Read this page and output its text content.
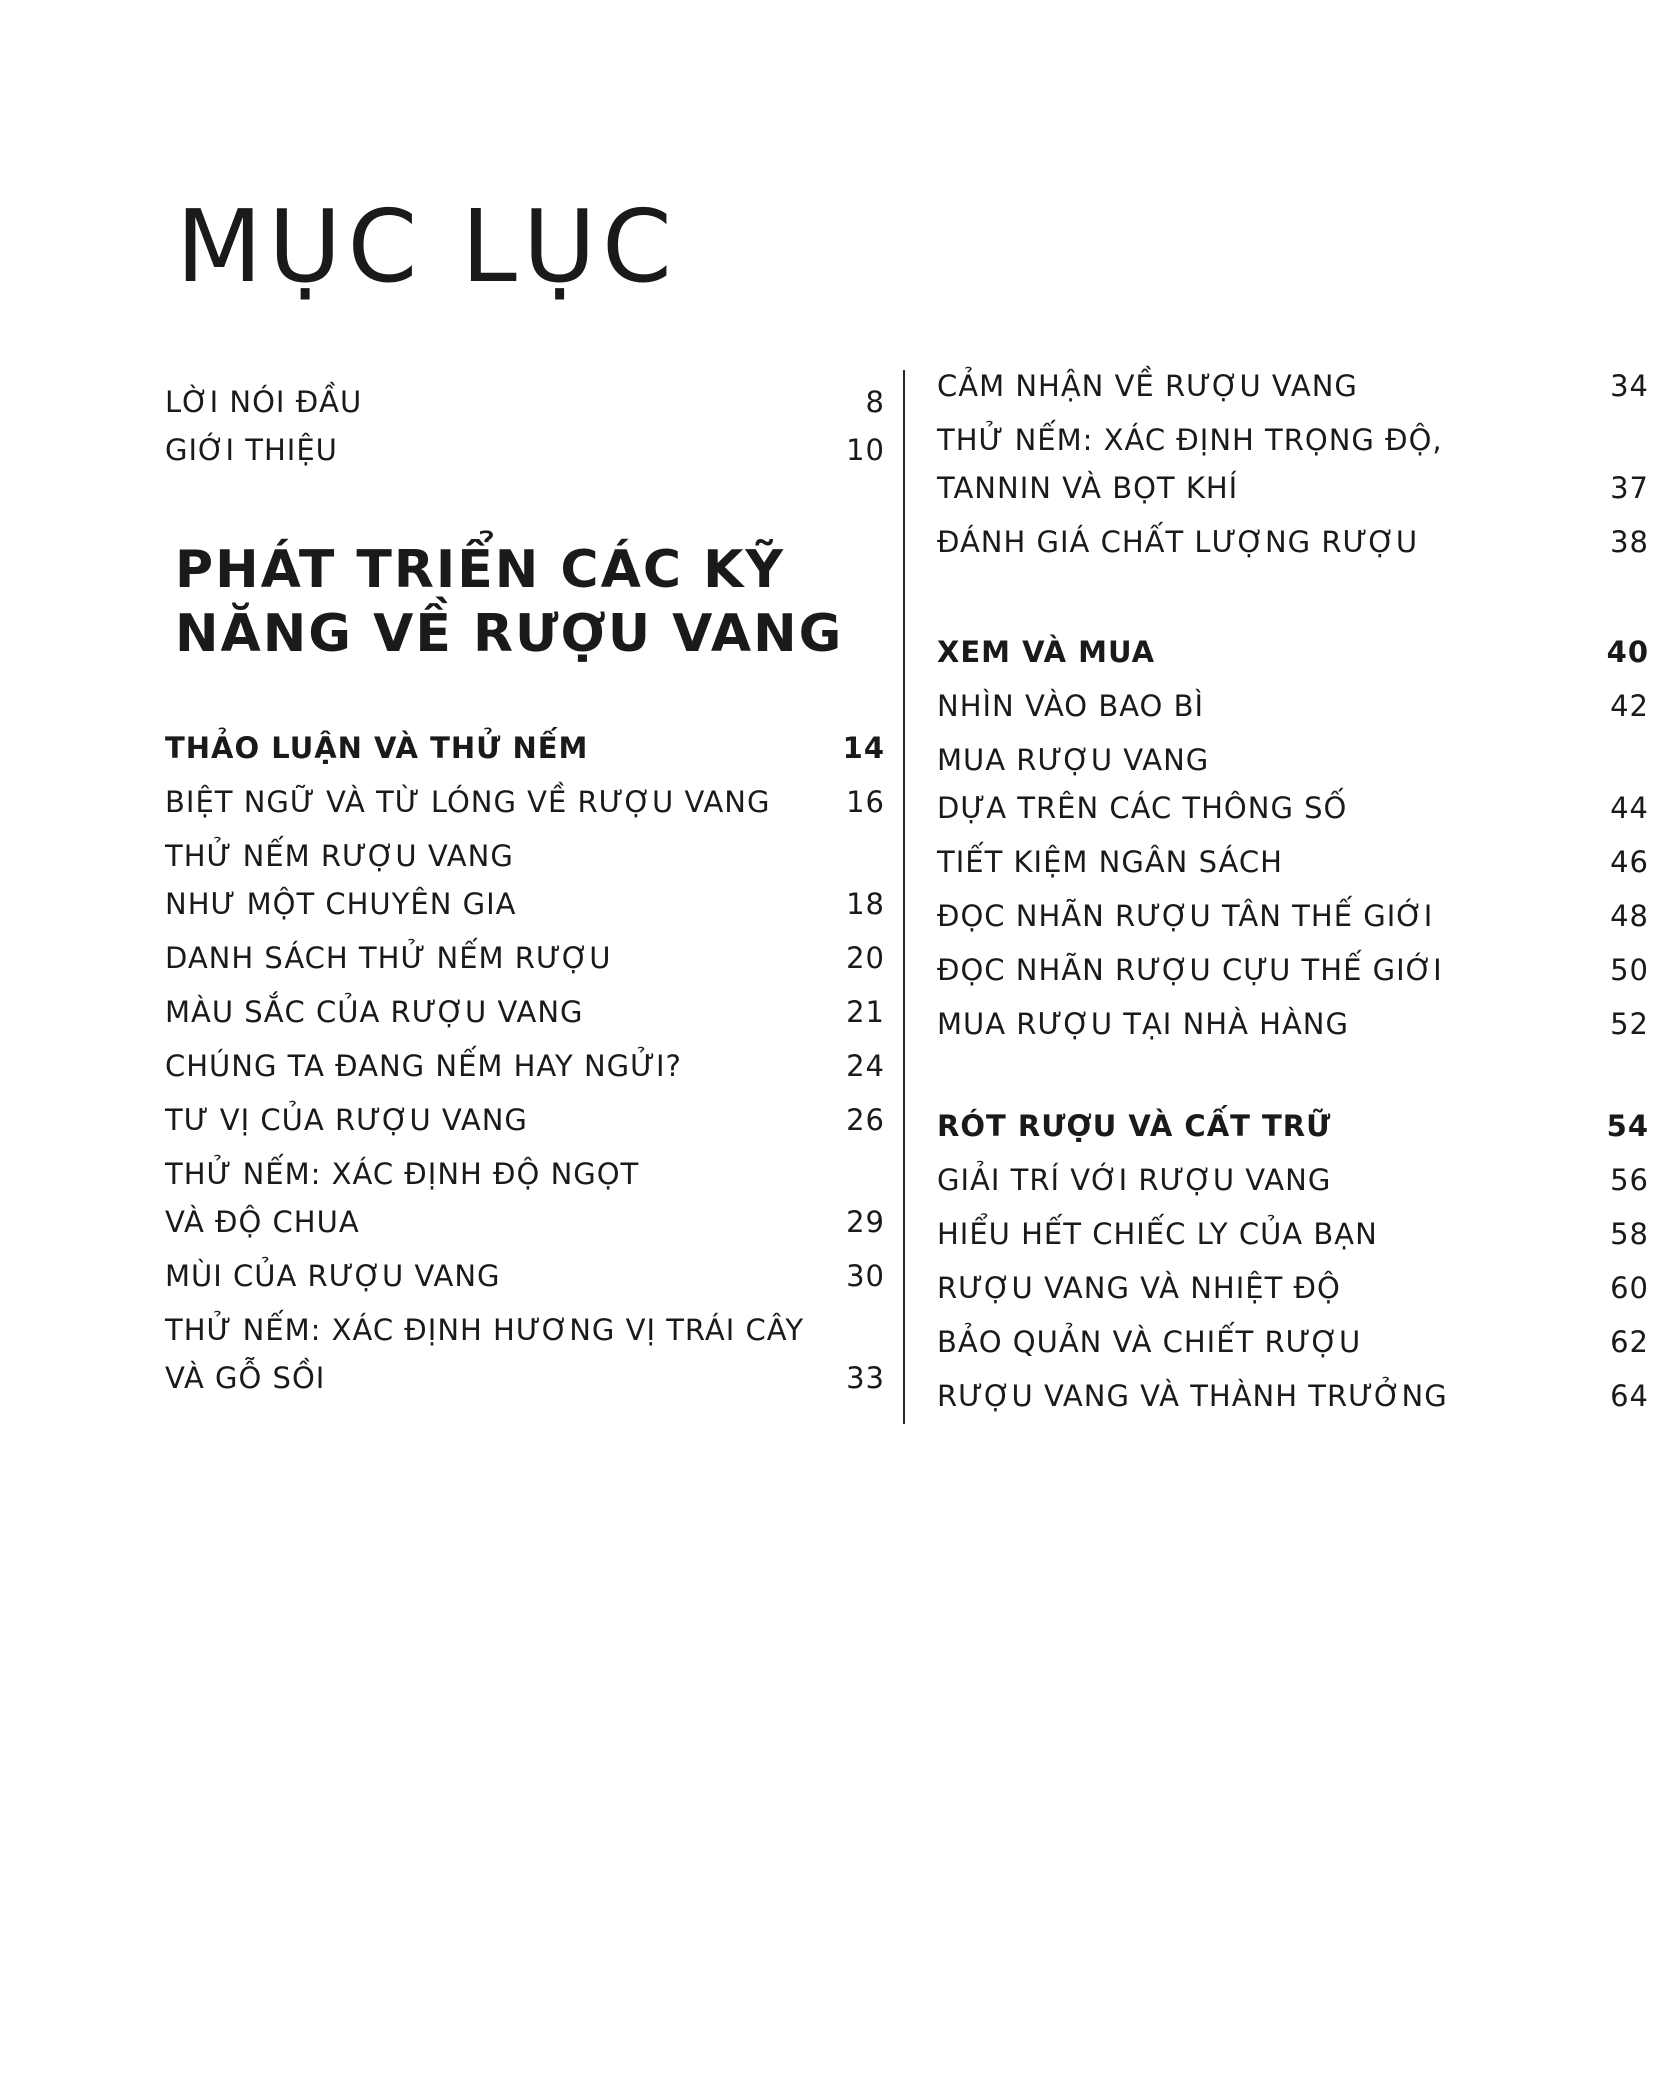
MỤC LỤC
LỜI NÓI ĐẦU	8
GIỚI THIỆU	10
PHÁT TRIỂN CÁC KỸ
NĂNG VỀ RƯỢU VANG
THẢO LUẬN VÀ THỬ NẾM	14
BIỆT NGỮ VÀ TỪ LÓNG VỀ RƯỢU VANG	16
THỬ NẾM RƯỢU VANG
NHƯ MỘT CHUYÊN GIA	18
DANH SÁCH THỬ NẾM RƯỢU	20
MÀU SẮC CỦA RƯỢU VANG	21
CHÚNG TA ĐANG NẾM HAY NGỬI?	24
TƯ VỊ CỦA RƯỢU VANG	26
THỬ NẾM: XÁC ĐỊNH ĐỘ NGỌT
VÀ ĐỘ CHUA	29
MÙI CỦA RƯỢU VANG	30
THỬ NẾM: XÁC ĐỊNH HƯƠNG VỊ TRÁI CÂY
VÀ GỖ SỒI	33
CẢM NHẬN VỀ RƯỢU VANG	34
THỬ NẾM: XÁC ĐỊNH TRỌNG ĐỘ,
TANNIN VÀ BỌT KHÍ	37
ĐÁNH GIÁ CHẤT LƯỢNG RƯỢU	38
XEM VÀ MUA	40
NHÌN VÀO BAO BÌ	42
MUA RƯỢU VANG
DỰA TRÊN CÁC THÔNG SỐ	44
TIẾT KIỆM NGÂN SÁCH	46
ĐỌC NHÃN RƯỢU TÂN THẾ GIỚI	48
ĐỌC NHÃN RƯỢU CỰU THẾ GIỚI	50
MUA RƯỢU TẠI NHÀ HÀNG	52
RÓT RƯỢU VÀ CẤT TRỮ	54
GIẢI TRÍ VỚI RƯỢU VANG	56
HIỂU HẾT CHIẾC LY CỦA BẠN	58
RƯỢU VANG VÀ NHIỆT ĐỘ	60
BẢO QUẢN VÀ CHIẾT RƯỢU	62
RƯỢU VANG VÀ THÀNH TRƯỞNG	64
